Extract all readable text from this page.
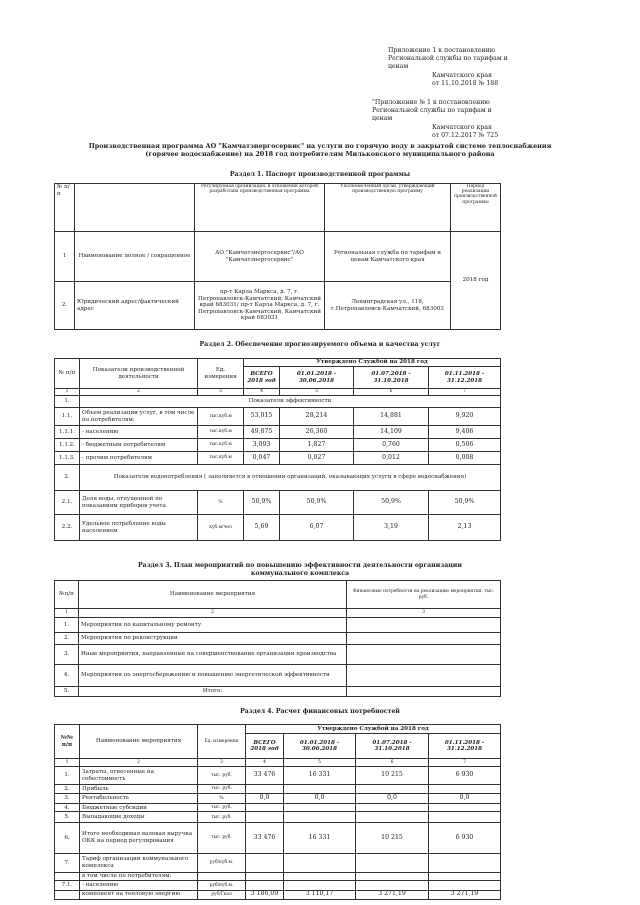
Приложение 1 к постановлению
Региональной службы по тарифам и ценам
Камчатского края
от 11.10.2018 № 188
"Приложение № 1 к постановлению
Региональной службы по тарифам и ценам
Камчатского края
от 07.12.2017 № 725
Производственная программа АО "Камчатэнергосервис" на услуги по горячую воду в закрытой системе теплоснабжения
(горячее водоснабжение) на 2018 год потребителям Мильковского муниципального района
Раздел 1. Паспорт производственной программы
№ п/п		Регулируемая организация, в отношении которой разработана производственная программа	Уполномоченный орган, утверждающий производственную программу	Период реализации производственной программы
1	Наименование полное / сокращенное	АО "Камчатэнергосервис"/АО "Камчатэнергосервис"	Региональная служба по тарифам и ценам Камчатского края	2018 год
2.	Юридический адрес/фактический адрес	пр-т Карла Маркса, д. 7, г. Петропавловск-Камчатский, Камчатский край 683031/ пр-т Карла Маркса, д. 7, г. Петропавловск-Камчатский, Камчатский край 683031	Ленинградская ул., 118, г.Петропавловск-Камчатский, 683003	
Раздел 2. Обеспечение прогнозируемого объема и качества услуг
№ п/п	Показатели производственной деятельности	Ед. измерения	Утверждено Службой на 2018 год			
			ВСЕГО 2018 год	01.01.2018 - 30.06.2018	01.07.2018 - 31.10.2018	01.11.2018 - 31.12.2018
1	2	3	4	5	6	7
1.	Показатели эффективности					
1.1.	Объем реализации услуг, в том числе по потребителям:	тыс.куб.м	53,015	28,214	14,881	9,920
1.1.1.	- населению	тыс.куб.м	49,875	26,360	14,109	9,406
1.1.2.	- бюджетным потребителям	тыс.куб.м	3,093	1,827	0,760	0,506
1.1.3.	- прочим потребителям	тыс.куб.м	0,047	0,027	0,012	0,008
2.	Показатели водопотребления ( заполняется в отношении организаций, оказывающих услуги в сфере водоснабжения)					
2.1.	Доля воды, отпущенной по показаниям приборов учета	%	50,9%	50,9%	50,9%	50,9%
2.2.	Удельное потребление воды населением	куб.м/чел	5,69	6,07	3,19	2,13
Раздел 3. План мероприятий по повышению эффективности деятельности организации
коммунального комплекса
№п/п	Наименование мероприятия	Финансовые потребности на реализацию мероприятия, тыс. руб.
1	2	3
1.	Мероприятия по капитальному ремонту	
2.	Мероприятия по реконструкции	
3.	Иные мероприятия, направленные на совершенствование организации производства	
4.	Мероприятия по энергосбережению и повышению энергетической эффективности	
5.	Итого:	
Раздел 4. Расчет финансовых потребностей
№№ п/п	Наименование мероприятия	Ед. измерения	Утверждено Службой на 2018 год			
			ВСЕГО 2018 год	01.01.2018 - 30.06.2018	01.07.2018 - 31.10.2018	01.11.2018 - 31.12.2018
1	2	3	4	5	6	7
1.	Затраты, отнесенные на себестоимость	тыс. руб.	33 476	16 331	10 215	6 930
2.	Прибыль	тыс. руб.				
3.	Рентабельность	%	0,0	0,0	0,0	0,0
4.	Бюджетные субсидии	тыс. руб.				
5.	Выпадающие доходы	тыс. руб.				
6.	Итого необходимая валовая выручка ОКК на период регулирования	тыс. руб.	33 476	16 331	10 215	6 930
7.	Тариф организации коммунального комплекса	руб/куб.м.				
	в том числе по потребителям:					
7.1.	- населению	руб/куб.м.				
	компонент на тепловую энергию	руб/Гкал	3 186,09	3 110,17	3 271,19	3 271,19
